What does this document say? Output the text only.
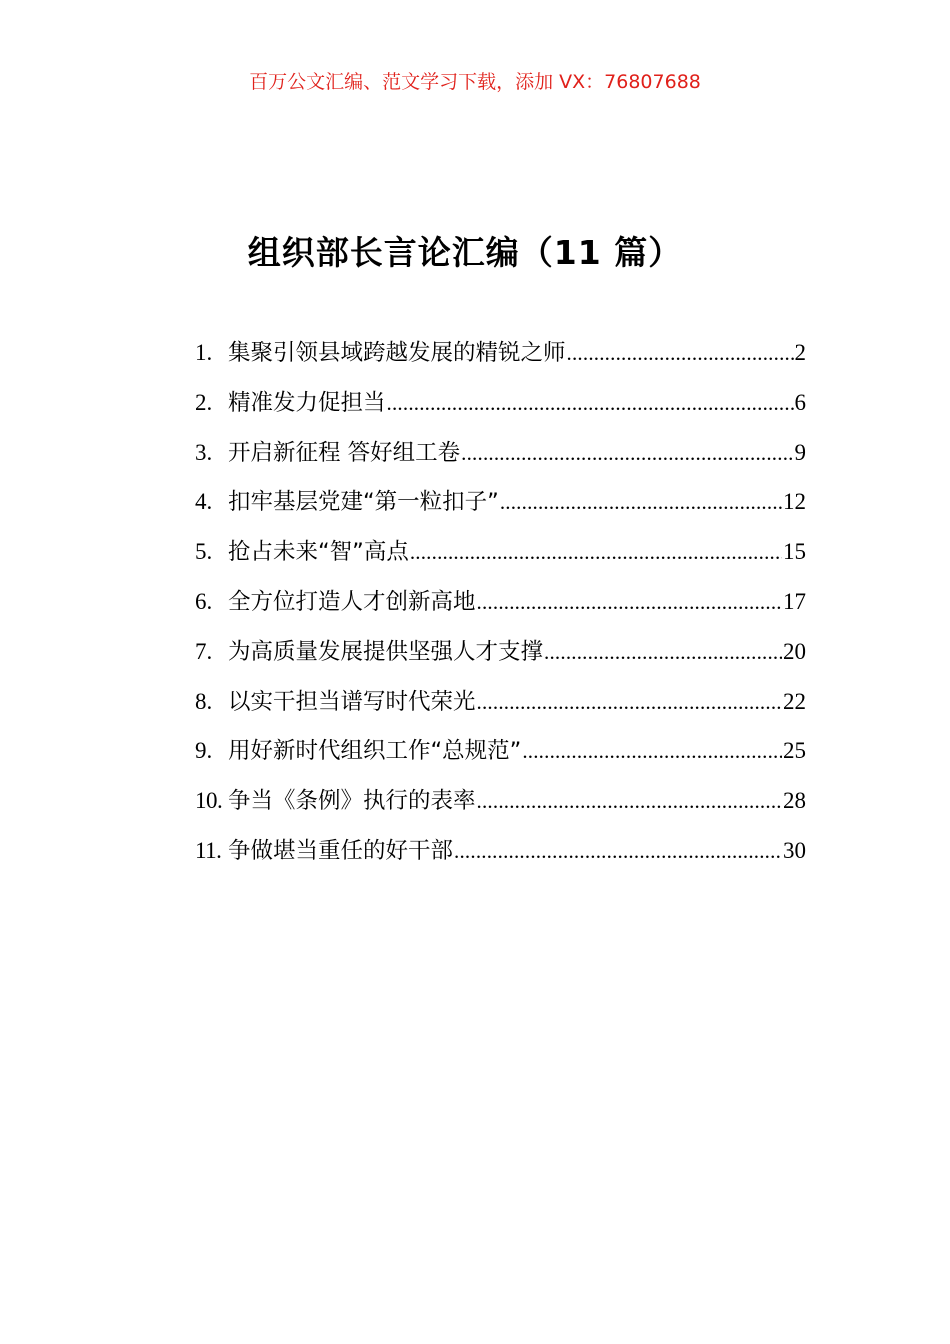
百万公文汇编、范文学习下载，添加 VX：76807688
组织部长言论汇编（11 篇）
1. 集聚引领县域跨越发展的精锐之师 .....	2
2. 精准发力促担当 .....	6
3. 开启新征程 答好组工卷 .....	9
4. 扣牢基层党建“第一粒扣子” .....	12
5. 抢占未来“智”高点 .....	15
6. 全方位打造人才创新高地 .....	17
7. 为高质量发展提供坚强人才支撑 .....	20
8. 以实干担当谱写时代荣光 .....	22
9. 用好新时代组织工作“总规范” .....	25
10. 争当《条例》执行的表率 .....	28
11. 争做堪当重任的好干部 .....	30
